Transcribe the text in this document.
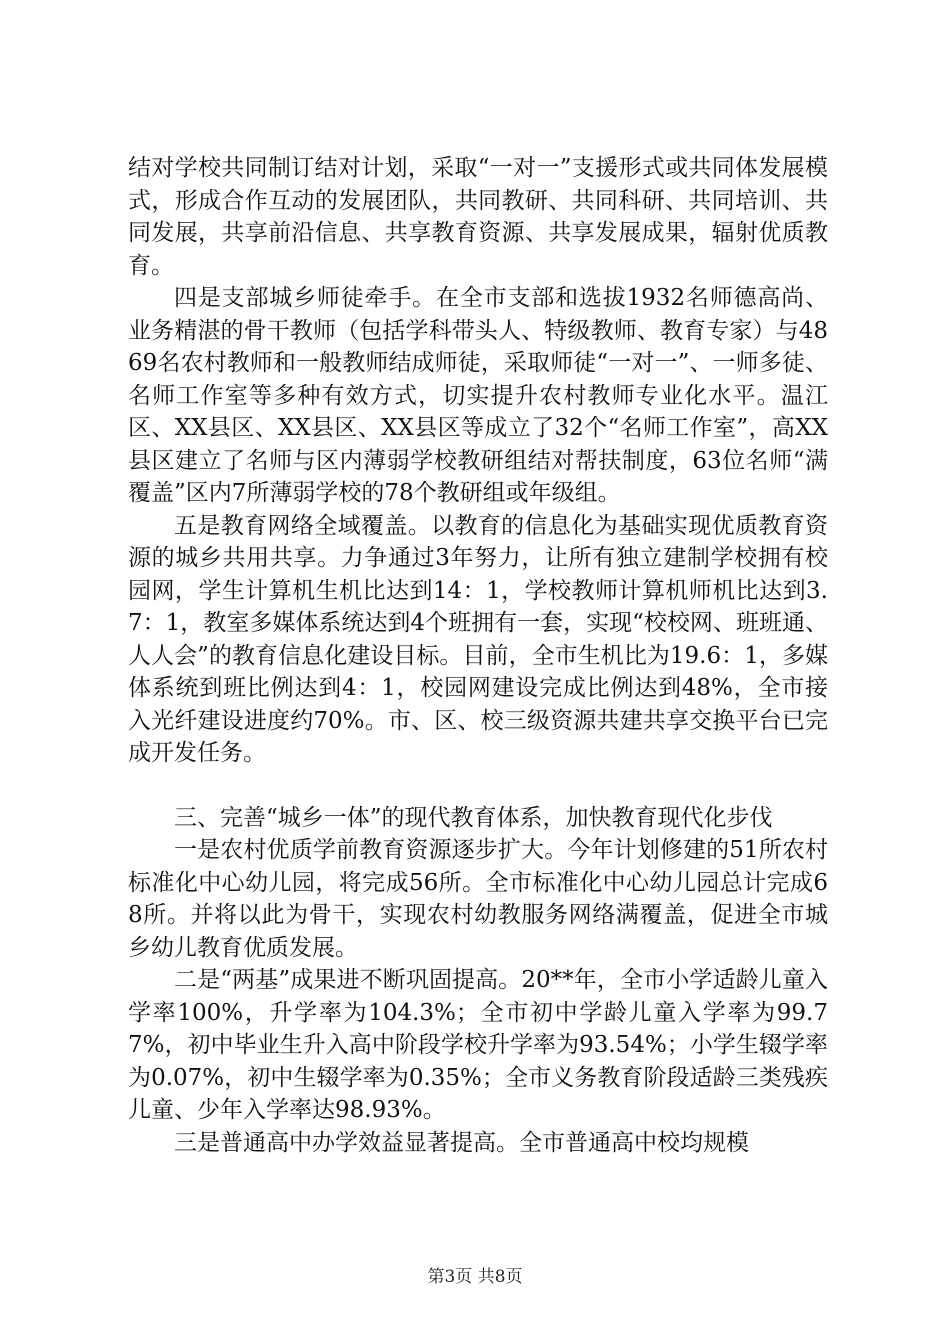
结对学校共同制订结对计划，采取“一对一”支援形式或共同体发展模式，形成合作互动的发展团队，共同教研、共同科研、共同培训、共同发展，共享前沿信息、共享教育资源、共享发展成果，辐射优质教育。

四是支部城乡师徒牵手。在全市支部和选拔1932名师德高尚、业务精湛的骨干教师（包括学科带头人、特级教师、教育专家）与4869名农村教师和一般教师结成师徒，采取师徒“一对一”、一师多徒、名师工作室等多种有效方式，切实提升农村教师专业化水平。温江区、XX县区、XX县区、XX县区等成立了32个“名师工作室”，高XX县区建立了名师与区内薄弱学校教研组结对帮扶制度，63位名师“满覆盖”区内7所薄弱学校的78个教研组或年级组。

五是教育网络全域覆盖。以教育的信息化为基础实现优质教育资源的城乡共用共享。力争通过3年努力，让所有独立建制学校拥有校园网，学生计算机生机比达到14：1，学校教师计算机师机比达到3.7：1，教室多媒体系统达到4个班拥有一套，实现“校校网、班班通、人人会”的教育信息化建设目标。目前，全市生机比为19.6：1，多媒体系统到班比例达到4：1，校园网建设完成比例达到48%，全市接入光纤建设进度约70%。市、区、校三级资源共建共享交换平台已完成开发任务。

三、完善“城乡一体”的现代教育体系，加快教育现代化步伐

一是农村优质学前教育资源逐步扩大。今年计划修建的51所农村标准化中心幼儿园，将完成56所。全市标准化中心幼儿园总计完成68所。并将以此为骨干，实现农村幼教服务网络满覆盖，促进全市城乡幼儿教育优质发展。

二是“两基”成果进不断巩固提高。20**年，全市小学适龄儿童入学率100%，升学率为104.3%；全市初中学龄儿童入学率为99.77%，初中毕业生升入高中阶段学校升学率为93.54%；小学生辍学率为0.07%，初中生辍学率为0.35%；全市义务教育阶段适龄三类残疾儿童、少年入学率达98.93%。

三是普通高中办学效益显著提高。全市普通高中校均规模

第3页 共8页
